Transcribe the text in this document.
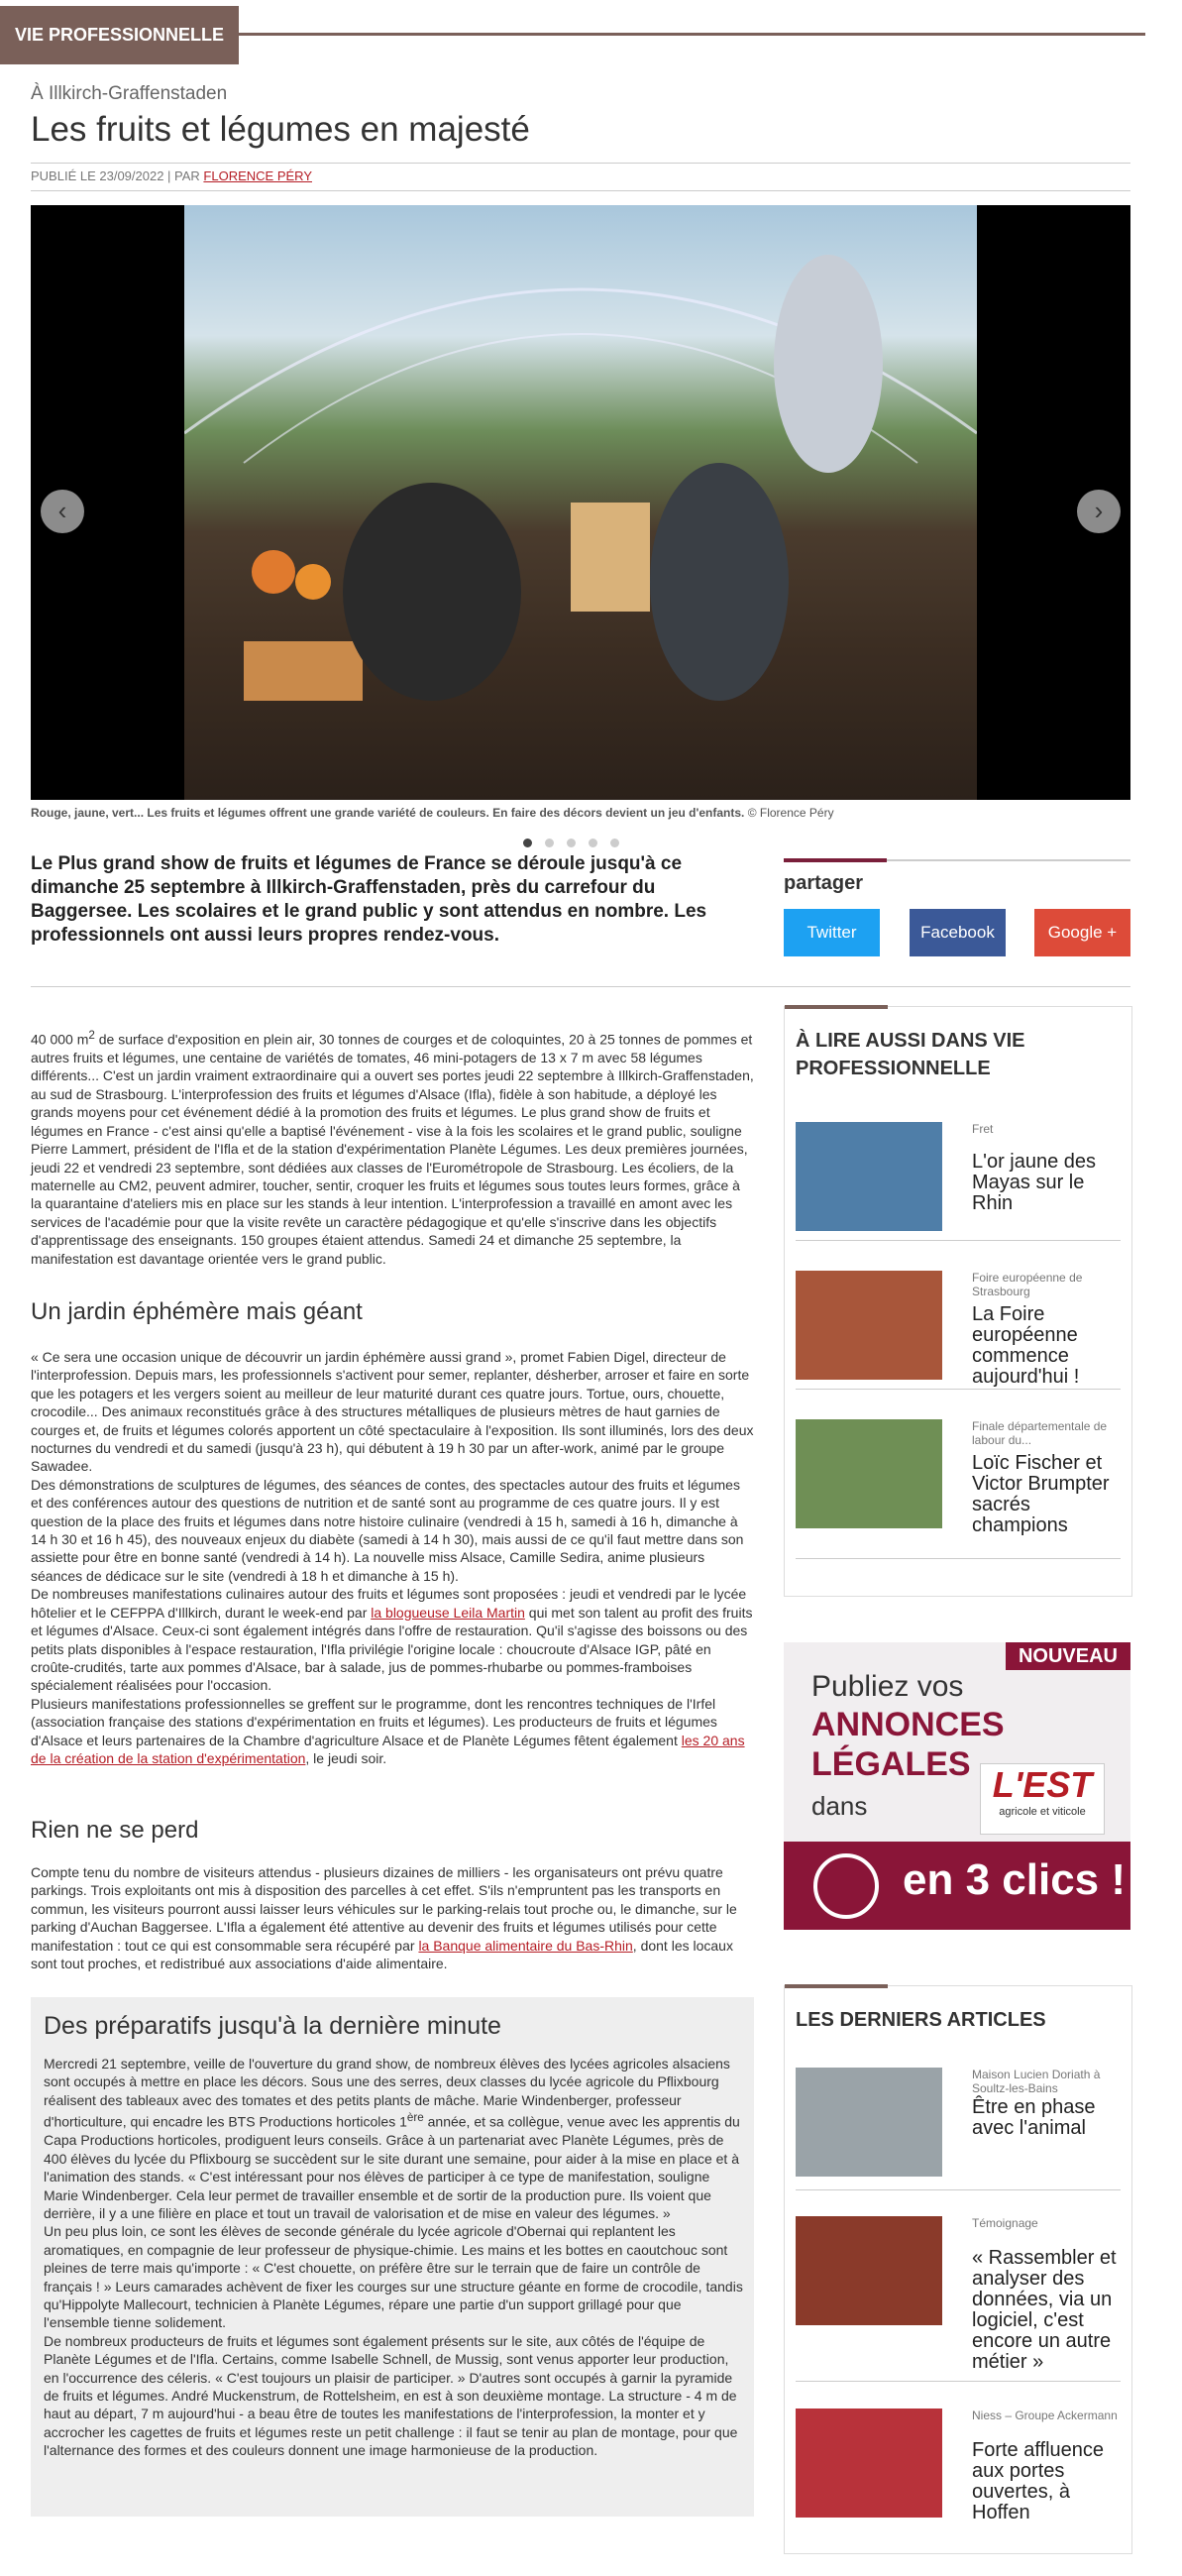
VIE PROFESSIONNELLE
À Illkirch-Graffenstaden
Les fruits et légumes en majesté
PUBLIÉ LE 23/09/2022 | PAR FLORENCE PÉRY
‹	›
Rouge, jaune, vert... Les fruits et légumes offrent une grande variété de couleurs. En faire des décors devient un jeu d'enfants. © Florence Péry

Le Plus grand show de fruits et légumes de France se déroule jusqu'à ce dimanche 25 septembre à Illkirch-Graffenstaden, près du carrefour du Baggersee. Les scolaires et le grand public y sont attendus en nombre. Les professionnels ont aussi leurs propres rendez-vous.

partager
Twitter	Facebook	Google +

40 000 $m^2$ de surface d'exposition en plein air, 30 tonnes de courges et de coloquintes, 20 à 25 tonnes de pommes et autres fruits et légumes, une centaine de variétés de tomates, 46 mini-potagers de 13 x 7 m avec 58 légumes différents... C'est un jardin vraiment extraordinaire qui a ouvert ses portes jeudi 22 septembre à Illkirch-Graffenstaden, au sud de Strasbourg. L'interprofession des fruits et légumes d'Alsace (Ifla), fidèle à son habitude, a déployé les grands moyens pour cet événement dédié à la promotion des fruits et légumes. Le plus grand show de fruits et légumes en France - c'est ainsi qu'elle a baptisé l'événement - vise à la fois les scolaires et le grand public, souligne Pierre Lammert, président de l'Ifla et de la station d'expérimentation Planète Légumes. Les deux premières journées, jeudi 22 et vendredi 23 septembre, sont dédiées aux classes de l'Eurométropole de Strasbourg. Les écoliers, de la maternelle au CM2, peuvent admirer, toucher, sentir, croquer les fruits et légumes sous toutes leurs formes, grâce à la quarantaine d'ateliers mis en place sur les stands à leur intention. L'interprofession a travaillé en amont avec les services de l'académie pour que la visite revête un caractère pédagogique et qu'elle s'inscrive dans les objectifs d'apprentissage des enseignants. 150 groupes étaient attendus. Samedi 24 et dimanche 25 septembre, la manifestation est davantage orientée vers le grand public.

Un jardin éphémère mais géant

« Ce sera une occasion unique de découvrir un jardin éphémère aussi grand », promet Fabien Digel, directeur de l'interprofession. Depuis mars, les professionnels s'activent pour semer, replanter, désherber, arroser et faire en sorte que les potagers et les vergers soient au meilleur de leur maturité durant ces quatre jours. Tortue, ours, chouette, crocodile... Des animaux reconstitués grâce à des structures métalliques de plusieurs mètres de haut garnies de courges et, de fruits et légumes colorés apportent un côté spectaculaire à l'exposition. Ils sont illuminés, lors des deux nocturnes du vendredi et du samedi (jusqu'à 23 h), qui débutent à 19 h 30 par un after-work, animé par le groupe Sawadee.

Des démonstrations de sculptures de légumes, des séances de contes, des spectacles autour des fruits et légumes et des conférences autour des questions de nutrition et de santé sont au programme de ces quatre jours. Il y est question de la place des fruits et légumes dans notre histoire culinaire (vendredi à 15 h, samedi à 16 h, dimanche à 14 h 30 et 16 h 45), des nouveaux enjeux du diabète (samedi à 14 h 30), mais aussi de ce qu'il faut mettre dans son assiette pour être en bonne santé (vendredi à 14 h). La nouvelle miss Alsace, Camille Sedira, anime plusieurs séances de dédicace sur le site (vendredi à 18 h et dimanche à 15 h).

De nombreuses manifestations culinaires autour des fruits et légumes sont proposées : jeudi et vendredi par le lycée hôtelier et le CEFPPA d'Illkirch, durant le week-end par la blogueuse Leila Martin qui met son talent au profit des fruits et légumes d'Alsace. Ceux-ci sont également intégrés dans l'offre de restauration. Qu'il s'agisse des boissons ou des petits plats disponibles à l'espace restauration, l'Ifla privilégie l'origine locale : choucroute d'Alsace IGP, pâté en croûte-crudités, tarte aux pommes d'Alsace, bar à salade, jus de pommes-rhubarbe ou pommes-framboises spécialement réalisées pour l'occasion.

Plusieurs manifestations professionnelles se greffent sur le programme, dont les rencontres techniques de l'Irfel (association française des stations d'expérimentation en fruits et légumes). Les producteurs de fruits et légumes d'Alsace et leurs partenaires de la Chambre d'agriculture Alsace et de Planète Légumes fêtent également les 20 ans de la création de la station d'expérimentation, le jeudi soir.

Rien ne se perd

Compte tenu du nombre de visiteurs attendus - plusieurs dizaines de milliers - les organisateurs ont prévu quatre parkings. Trois exploitants ont mis à disposition des parcelles à cet effet. S'ils n'empruntent pas les transports en commun, les visiteurs pourront aussi laisser leurs véhicules sur le parking-relais tout proche ou, le dimanche, sur le parking d'Auchan Baggersee. L'Ifla a également été attentive au devenir des fruits et légumes utilisés pour cette manifestation : tout ce qui est consommable sera récupéré par la Banque alimentaire du Bas-Rhin, dont les locaux sont tout proches, et redistribué aux associations d'aide alimentaire.

Des préparatifs jusqu'à la dernière minute

Mercredi 21 septembre, veille de l'ouverture du grand show, de nombreux élèves des lycées agricoles alsaciens sont occupés à mettre en place les décors. Sous une des serres, deux classes du lycée agricole du Pflixbourg réalisent des tableaux avec des tomates et des petits plants de mâche. Marie Windenberger, professeur d'horticulture, qui encadre les BTS Productions horticoles 1ère année, et sa collègue, venue avec les apprentis du Capa Productions horticoles, prodiguent leurs conseils. Grâce à un partenariat avec Planète Légumes, près de 400 élèves du lycée du Pflixbourg se succèdent sur le site durant une semaine, pour aider à la mise en place et à l'animation des stands. « C'est intéressant pour nos élèves de participer à ce type de manifestation, souligne Marie Windenberger. Cela leur permet de travailler ensemble et de sortir de la production pure. Ils voient que derrière, il y a une filière en place et tout un travail de valorisation et de mise en valeur des légumes. »

Un peu plus loin, ce sont les élèves de seconde générale du lycée agricole d'Obernai qui replantent les aromatiques, en compagnie de leur professeur de physique-chimie. Les mains et les bottes en caoutchouc sont pleines de terre mais qu'importe : « C'est chouette, on préfère être sur le terrain que de faire un contrôle de français ! » Leurs camarades achèvent de fixer les courges sur une structure géante en forme de crocodile, tandis qu'Hippolyte Mallecourt, technicien à Planète Légumes, répare une partie d'un support grillagé pour que l'ensemble tienne solidement.

De nombreux producteurs de fruits et légumes sont également présents sur le site, aux côtés de l'équipe de Planète Légumes et de l'Ifla. Certains, comme Isabelle Schnell, de Mussig, sont venus apporter leur production, en l'occurrence des céleris. « C'est toujours un plaisir de participer. » D'autres sont occupés à garnir la pyramide de fruits et légumes. André Muckenstrum, de Rottelsheim, en est à son deuxième montage. La structure - 4 m de haut au départ, 7 m aujourd'hui - a beau être de toutes les manifestations de l'interprofession, la monter et y accrocher les cagettes de fruits et légumes reste un petit challenge : il faut se tenir au plan de montage, pour que l'alternance des formes et des couleurs donnent une image harmonieuse de la production.

À LIRE AUSSI DANS VIE PROFESSIONNELLE
Fret
L'or jaune des Mayas sur le Rhin
Foire européenne de Strasbourg
La Foire européenne commence aujourd'hui !
Finale départementale de labour du...
Loïc Fischer et Victor Brumpter sacrés champions
NOUVEAU
Publiez vos
ANNONCES
LÉGALES
dans
L'EST
agricole et viticole
en 3 clics !
LES DERNIERS ARTICLES
Maison Lucien Doriath à Soultz-les-Bains
Être en phase avec l'animal
Témoignage
« Rassembler et analyser des données, via un logiciel, c'est encore un autre métier »
Niess – Groupe Ackermann
Forte affluence aux portes ouvertes, à Hoffen
